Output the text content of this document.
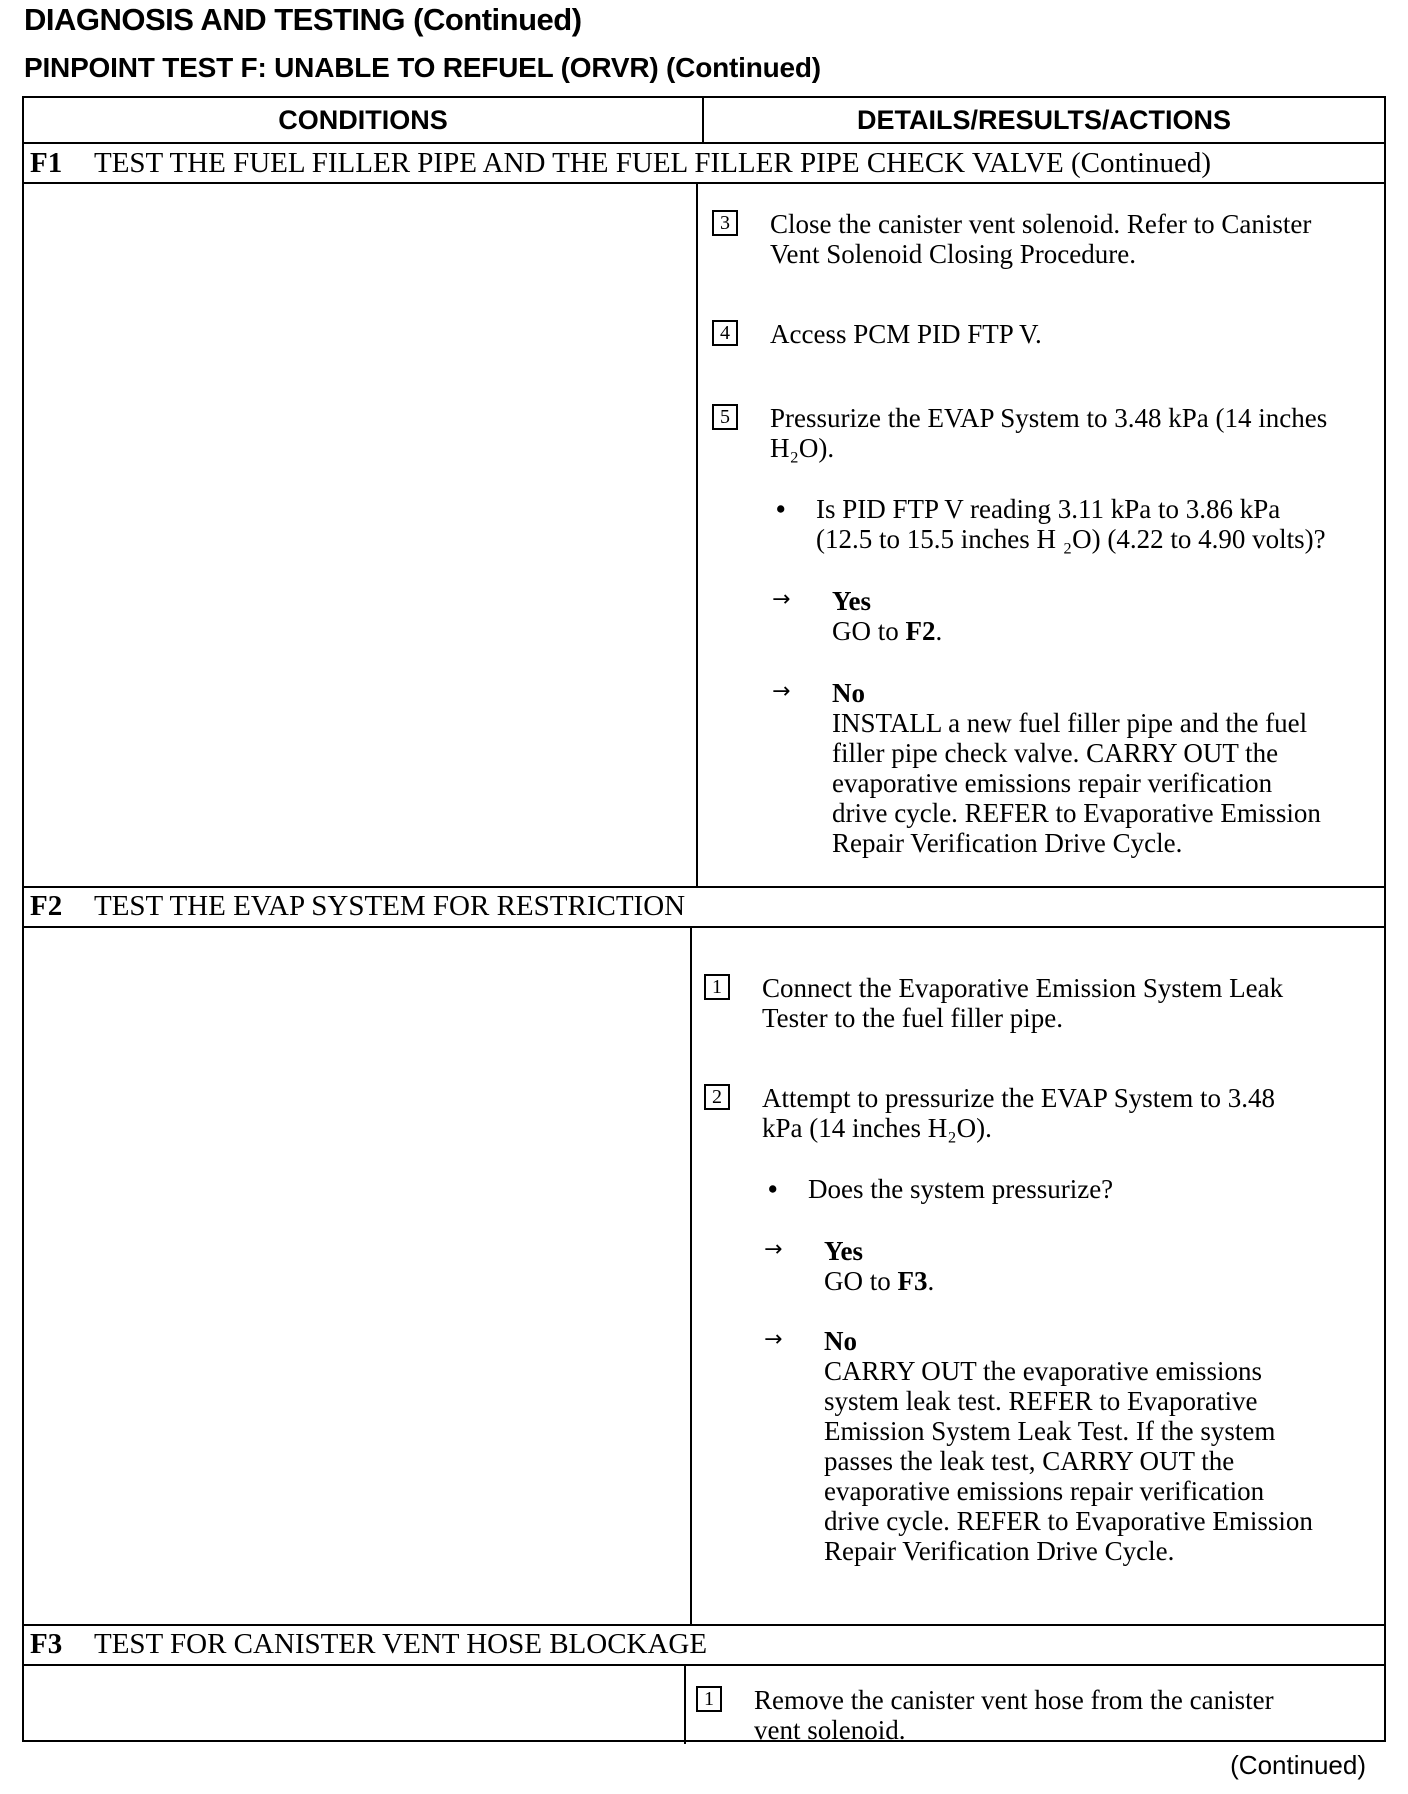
DIAGNOSIS AND TESTING (Continued)
PINPOINT TEST F: UNABLE TO REFUEL (ORVR) (Continued)
CONDITIONS	DETAILS/RESULTS/ACTIONS
F1 TEST THE FUEL FILLER PIPE AND THE FUEL FILLER PIPE CHECK VALVE (Continued)
3 Close the canister vent solenoid. Refer to Canister
Vent Solenoid Closing Procedure.
4 Access PCM PID FTP V.
5 Pressurize the EVAP System to 3.48 kPa (14 inches
H₂O).
• Is PID FTP V reading 3.11 kPa to 3.86 kPa
(12.5 to 15.5 inches H ₂O) (4.22 to 4.90 volts)?
→ Yes
GO to F2.
→ No
INSTALL a new fuel filler pipe and the fuel
filler pipe check valve. CARRY OUT the
evaporative emissions repair verification
drive cycle. REFER to Evaporative Emission
Repair Verification Drive Cycle.
F2 TEST THE EVAP SYSTEM FOR RESTRICTION
1 Connect the Evaporative Emission System Leak
Tester to the fuel filler pipe.
2 Attempt to pressurize the EVAP System to 3.48
kPa (14 inches H₂O).
• Does the system pressurize?
→ Yes
GO to F3.
→ No
CARRY OUT the evaporative emissions
system leak test. REFER to Evaporative
Emission System Leak Test. If the system
passes the leak test, CARRY OUT the
evaporative emissions repair verification
drive cycle. REFER to Evaporative Emission
Repair Verification Drive Cycle.
F3 TEST FOR CANISTER VENT HOSE BLOCKAGE
1 Remove the canister vent hose from the canister
vent solenoid.
(Continued)
